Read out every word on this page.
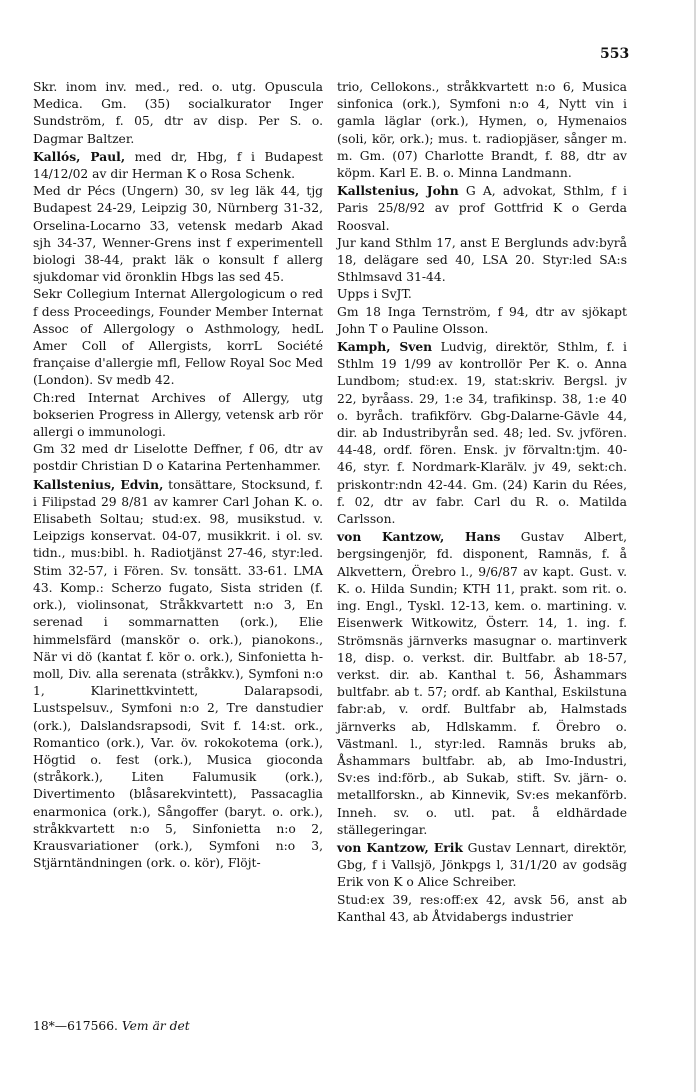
553

Skr. inom inv. med., red. o. utg. Opuscula Medica. Gm. (35) socialkurator Inger Sundström, f. 05, dtr av disp. Per S. o. Dagmar Baltzer.

Kallós, Paul, med dr, Hbg, f i Budapest 14/12/02 av dir Herman K o Rosa Schenk.

Med dr Pécs (Ungern) 30, sv leg läk 44, tjg Budapest 24-29, Leipzig 30, Nürnberg 31-32, Orselina-Locarno 33, vetensk medarb Akad sjh 34-37, Wenner-Grens inst f experimentell biologi 38-44, prakt läk o konsult f allerg sjukdomar vid öronklin Hbgs las sed 45.

Sekr Collegium Internat Allergologicum o red f dess Proceedings, Founder Member Internat Assoc of Allergology o Asthmology, hedL Amer Coll of Allergists, korrL Société française d'allergie mfl, Fellow Royal Soc Med (London). Sv medb 42.

Ch:red Internat Archives of Allergy, utg bokserien Progress in Allergy, vetensk arb rör allergi o immunologi.

Gm 32 med dr Liselotte Deffner, f 06, dtr av postdir Christian D o Katarina Pertenhammer.

Kallstenius, Edvin, tonsättare, Stocksund, f. i Filipstad 29 8/81 av kamrer Carl Johan K. o. Elisabeth Soltau; stud:ex. 98, musikstud. v. Leipzigs konservat. 04-07, musikkrit. i ol. sv. tidn., mus:bibl. h. Radiotjänst 27-46, styr:led. Stim 32-57, i Fören. Sv. tonsätt. 33-61. LMA 43. Komp.: Scherzo fugato, Sista striden (f. ork.), violinsonat, Stråkkvartett n:o 3, En serenad i sommarnatten (ork.), Elie himmelsfärd (manskör o. ork.), pianokons., När vi dö (kantat f. kör o. ork.), Sinfonietta h-moll, Div. alla serenata (stråkkv.), Symfoni n:o 1, Klarinettkvintett, Dalarapsodi, Lustspelsuv., Symfoni n:o 2, Tre danstudier (ork.), Dalslandsrapsodi, Svit f. 14:st. ork., Romantico (ork.), Var. öv. rokokotema (ork.), Högtid o. fest (ork.), Musica gioconda (stråkork.), Liten Falumusik (ork.), Divertimento (blåsarekvintett), Passacaglia enarmonica (ork.), Sångoffer (baryt. o. ork.), stråkkvartett n:o 5, Sinfonietta n:o 2, Krausvariationer (ork.), Symfoni n:o 3, Stjärntändningen (ork. o. kör), Flöjt-

trio, Cellokons., stråkkvartett n:o 6, Musica sinfonica (ork.), Symfoni n:o 4, Nytt vin i gamla läglar (ork.), Hymen, o, Hymenaios (soli, kör, ork.); mus. t. radiopjäser, sånger m. m. Gm. (07) Charlotte Brandt, f. 88, dtr av köpm. Karl E. B. o. Minna Landmann.

Kallstenius, John G A, advokat, Sthlm, f i Paris 25/8/92 av prof Gottfrid K o Gerda Roosval.

Jur kand Sthlm 17, anst E Berglunds adv:byrå 18, delägare sed 40, LSA 20. Styr:led SA:s Sthlmsavd 31-44.

Upps i SvJT.

Gm 18 Inga Ternström, f 94, dtr av sjökapt John T o Pauline Olsson.

Kamph, Sven Ludvig, direktör, Sthlm, f. i Sthlm 19 1/99 av kontrollör Per K. o. Anna Lundbom; stud:ex. 19, stat:skriv. Bergsl. jv 22, byråass. 29, 1:e 34, trafikinsp. 38, 1:e 40 o. byråch. trafikförv. Gbg-Dalarne-Gävle 44, dir. ab Industribyrån sed. 48; led. Sv. jvfören. 44-48, ordf. fören. Ensk. jv förvaltn:tjm. 40-46, styr. f. Nordmark-Klarälv. jv 49, sekt:ch. priskontr:ndn 42-44. Gm. (24) Karin du Rées, f. 02, dtr av fabr. Carl du R. o. Matilda Carlsson.

von Kantzow, Hans Gustav Albert, bergsingenjör, fd. disponent, Ramnäs, f. å Alkvettern, Örebro l., 9/6/87 av kapt. Gust. v. K. o. Hilda Sundin; KTH 11, prakt. som rit. o. ing. Engl., Tyskl. 12-13, kem. o. martining. v. Eisenwerk Witkowitz, Österr. 14, 1. ing. f. Strömsnäs järnverks masugnar o. martinverk 18, disp. o. verkst. dir. Bultfabr. ab 18-57, verkst. dir. ab. Kanthal t. 56, Åshammars bultfabr. ab t. 57; ordf. ab Kanthal, Eskilstuna fabr:ab, v. ordf. Bultfabr ab, Halmstads järnverks ab, Hdlskamm. f. Örebro o. Västmanl. l., styr:led. Ramnäs bruks ab, Åshammars bultfabr. ab, ab Imo-Industri, Sv:es ind:förb., ab Sukab, stift. Sv. järn- o. metallforskn., ab Kinnevik, Sv:es mekanförb. Inneh. sv. o. utl. pat. å eldhärdade ställegeringar.

von Kantzow, Erik Gustav Lennart, direktör, Gbg, f i Vallsjö, Jönkpgs l, 31/1/20 av godsäg Erik von K o Alice Schreiber.

Stud:ex 39, res:off:ex 42, avsk 56, anst ab Kanthal 43, ab Åtvidabergs industrier

18*—617566. Vem är det
